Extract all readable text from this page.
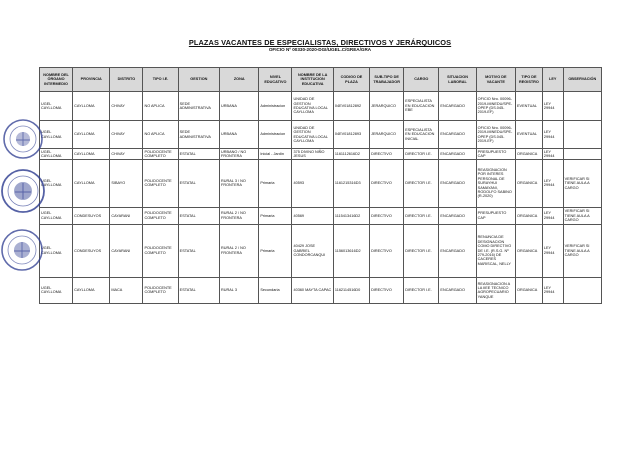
PLAZAS VACANTES DE ESPECIALISTAS, DIRECTIVOS Y JERÁRQUICOS
OFICIO Nº 00330-2020-DGI/UGEL.C/GREA/GRA
NOMBRE DEL ÓRGANO INTERMEDIO	PROVINCIA	DISTRITO	TIPO I.E.	GESTION	ZONA	NIVEL EDUCATIVO	NOMBRE DE LA INSTITUCION EDUCATIVA	CODIGO DE PLAZA	SUB-TIPO DE TRABAJADOR	CARGO	SITUACION LABORAL	MOTIVO DE VACANTE	TIPO DE REGISTRO	LEY	OBSERVACIÓN
UGEL CAYLLOMA	CAYLLOMA	CHIVAY	NO APLICA	SEDE ADMINISTRATIVA	URBANA	Administracion	UNIDAD DE GESTION EDUCATIVA LOCAL CAYLLOMA	04EV01812892	JERARQUICO	ESPECIALISTA EN EDUCACION EBE	ENCARGADO	OFICIO Nro. 00096-2019-MINEDU/SPE-OPEP (DS.045-2019-EF)	EVENTUAL	LEY 29944	
UGEL CAYLLOMA	CAYLLOMA	CHIVAY	NO APLICA	SEDE ADMINISTRATIVA	URBANA	Administracion	UNIDAD DE GESTION EDUCATIVA LOCAL CAYLLOMA	04EV01812893	JERARQUICO	ESPECIALISTA EN EDUCACION INICIAL	ENCARGADO	OFICIO Nro. 00096-2019-MINEDU/SPE-OPEP (DS.045-2019-EF)	EVENTUAL	LEY 29944	
UGEL CAYLLOMA	CAYLLOMA	CHIVAY	POLIDOCENTE COMPLETO	ESTATAL	URBANO / NO FRONTERA	Inicial - Jardín	375 DIVINO NIÑO JESUS	1161112616D2	DIRECTIVO	DIRECTOR I.E.	ENCARGADO	PRESUPUESTO CAP	ORGANICA	LEY 29944	
UGEL CAYLLOMA	CAYLLOMA	SIBAYO	POLIDOCENTE COMPLETO	ESTATAL	RURAL 3 / NO FRONTERA	Primaria	40593	1161215316D3	DIRECTIVO	DIRECTOR I.E.	ENCARGADO	REASIGNACION POR INTERES PERSONAL DE SURAYHUI SAMAYANI, RODOLFO SABINO (R-2020)	ORGANICA	LEY 29944	VERIFICAR SI TIENE AULA A CARGO
UGEL CAYLLOMA	CONDESUYOS	CAYARANI	POLIDOCENTE COMPLETO	ESTATAL	RURAL 2 / NO FRONTERA	Primaria	40569	1115413416D2	DIRECTIVO	DIRECTOR I.E.	ENCARGADO	PRESUPUESTO CAP	ORGANICA	LEY 29944	VERIFICAR SI TIENE AULA A CARGO
UGEL CAYLLOMA	CONDESUYOS	CAYARANI	POLIDOCENTE COMPLETO	ESTATAL	RURAL 2 / NO FRONTERA	Primaria	40429 JOSE GABRIEL CONDORCANQUI	1156013616D2	DIRECTIVO	DIRECTOR I.E.	ENCARGADO	RENUNCIA DE DESIGNACION COMO DIRECTIVO DE I.E. (R.S.G. Nº 279-2016) DE CACERES MARISCAL, NELLY	ORGANICA	LEY 29944	VERIFICAR SI TIENE AULA A CARGO
UGEL CAYLLOMA	CAYLLOMA	MACA	POLIDOCENTE COMPLETO	ESTATAL	RURAL 3	Secundaria	40360 MAYTA CAPAC	1162114516D0	DIRECTIVO	DIRECTOR I.E.	ENCARGADO	REASIGNACION A LA IIEE TECNICO AGROPECUARIO YANQUE	ORGANICA	LEY 29944	
